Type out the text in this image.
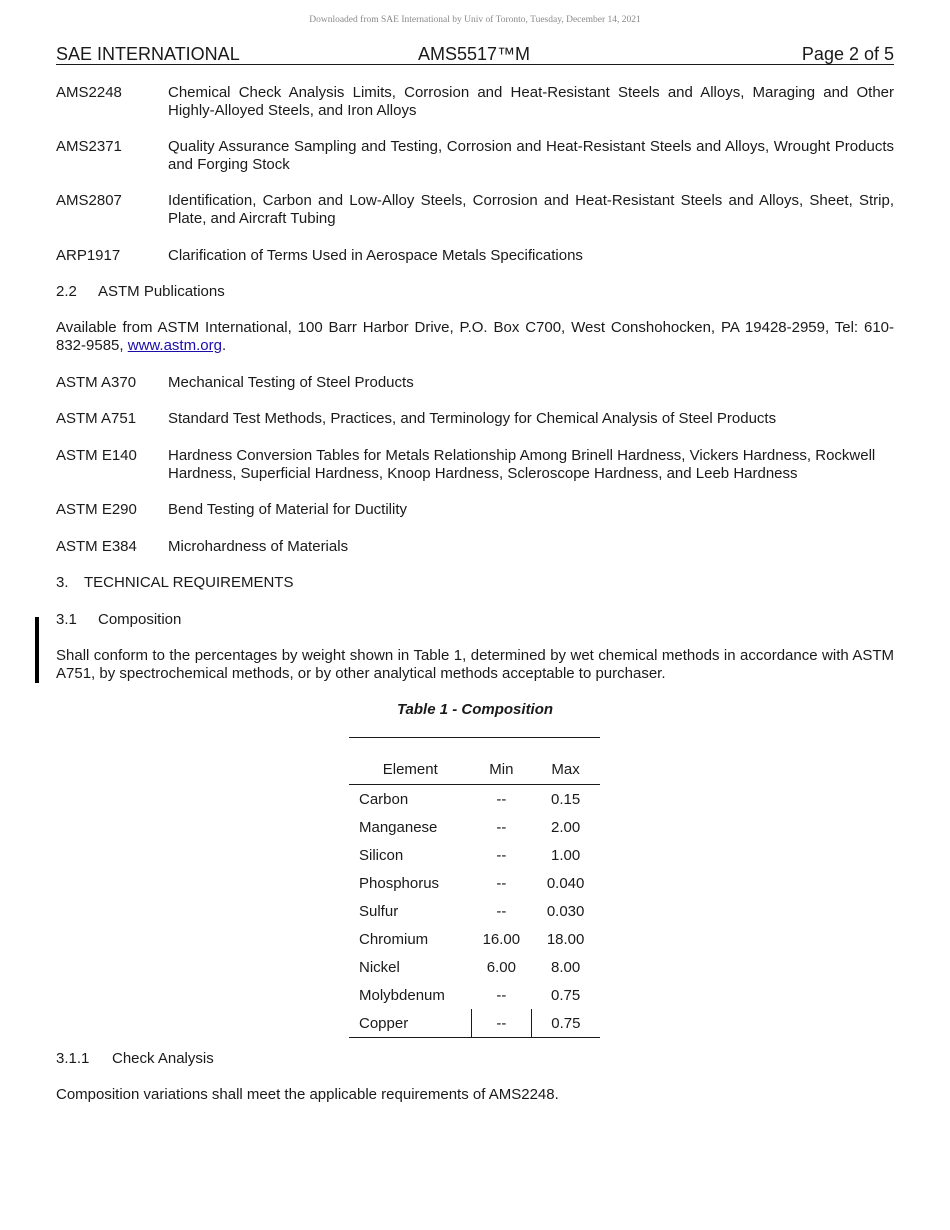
Downloaded from SAE International by Univ of Toronto, Tuesday, December 14, 2021
SAE INTERNATIONAL	AMS5517™M	Page 2 of 5
AMS2248	Chemical Check Analysis Limits, Corrosion and Heat-Resistant Steels and Alloys, Maraging and Other Highly-Alloyed Steels, and Iron Alloys
AMS2371	Quality Assurance Sampling and Testing, Corrosion and Heat-Resistant Steels and Alloys, Wrought Products and Forging Stock
AMS2807	Identification, Carbon and Low-Alloy Steels, Corrosion and Heat-Resistant Steels and Alloys, Sheet, Strip, Plate, and Aircraft Tubing
ARP1917	Clarification of Terms Used in Aerospace Metals Specifications
2.2 ASTM Publications
Available from ASTM International, 100 Barr Harbor Drive, P.O. Box C700, West Conshohocken, PA 19428-2959, Tel: 610-832-9585, www.astm.org.
ASTM A370 Mechanical Testing of Steel Products
ASTM A751 Standard Test Methods, Practices, and Terminology for Chemical Analysis of Steel Products
ASTM E140 Hardness Conversion Tables for Metals Relationship Among Brinell Hardness, Vickers Hardness, Rockwell Hardness, Superficial Hardness, Knoop Hardness, Scleroscope Hardness, and Leeb Hardness
ASTM E290 Bend Testing of Material for Ductility
ASTM E384 Microhardness of Materials
3. TECHNICAL REQUIREMENTS
3.1 Composition
Shall conform to the percentages by weight shown in Table 1, determined by wet chemical methods in accordance with ASTM A751, by spectrochemical methods, or by other analytical methods acceptable to purchaser.
Table 1 - Composition
Element	Min	Max
Carbon	--	0.15
Manganese	--	2.00
Silicon	--	1.00
Phosphorus	--	0.040
Sulfur	--	0.030
Chromium	16.00	18.00
Nickel	6.00	8.00
Molybdenum	--	0.75
Copper	--	0.75
3.1.1 Check Analysis
Composition variations shall meet the applicable requirements of AMS2248.
